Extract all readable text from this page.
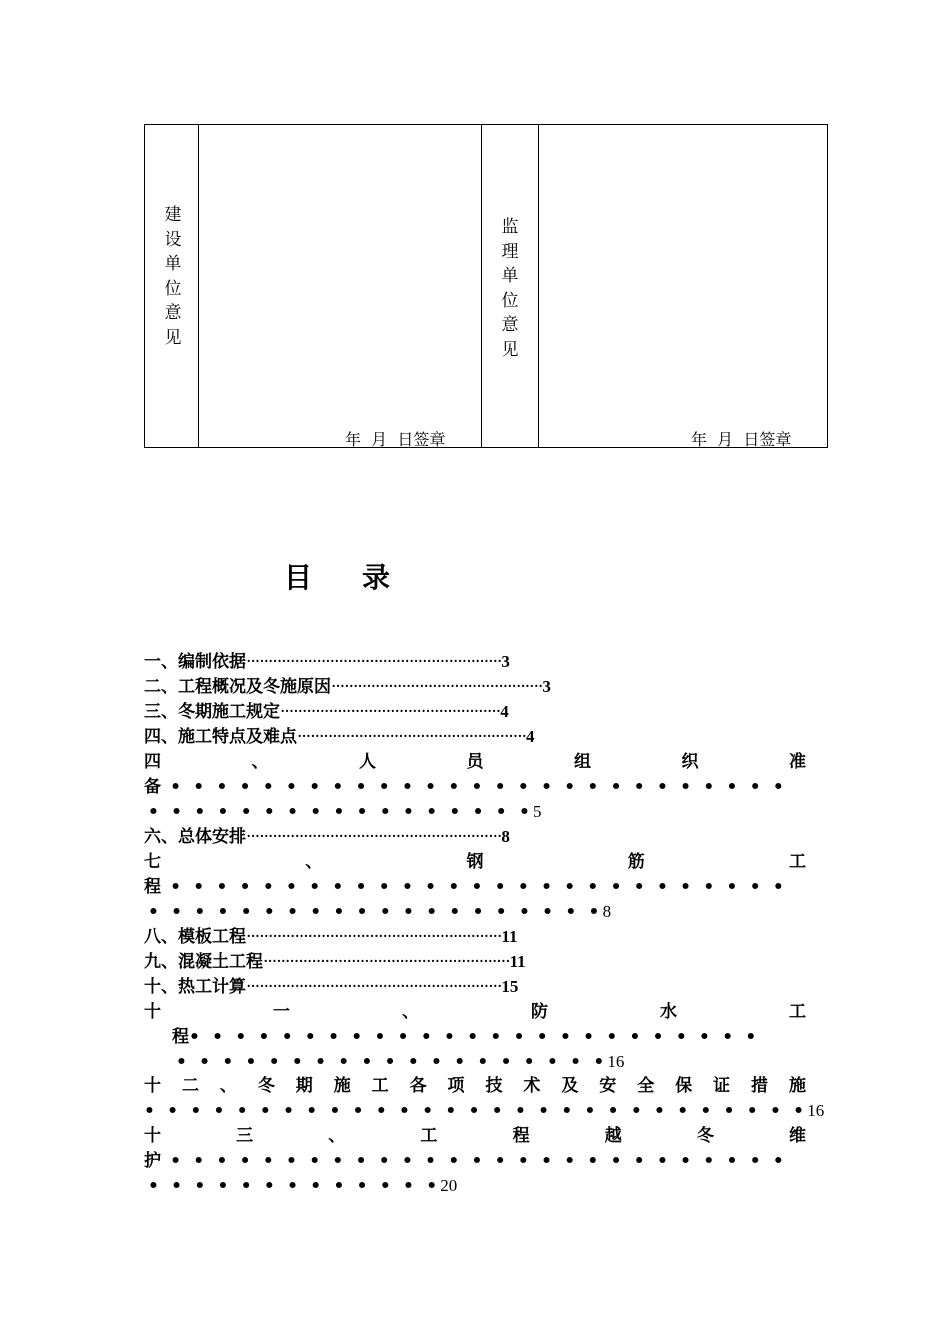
建设单位意见
年  月  日签章
监理单位意见
年  月  日签章
目 录
一、编制依据··························································3
二、工程概况及冬施原因················································3
三、冬期施工规定··················································4
四、施工特点及难点····················································4
四	、	人	员	组	织	准
备 • • • • • • • • • • • • • • • • • • • • • • • • • • •
• • • • • • • • • • • • • • • • •5
六、总体安排··························································8
七	、	钢	筋	工
程 • • • • • • • • • • • • • • • • • • • • • • • • • • •
• • • • • • • • • • • • • • • • • • • •8
八、模板工程··························································11
九、混凝土工程························································11
十、热工计算··························································15
十	一	、	防	水	工
程• • • • • • • • • • • • • • • • • • • • • • • • •
• • • • • • • • • • • • • • • • • • •16
十 二 、 冬 期 施 工 各 项 技 术 及 安 全 保 证 措 施
• • • • • • • • • • • • • • • • • • • • • • • • • • • • •16
十	三	、	工	程	越	冬	维
护 • • • • • • • • • • • • • • • • • • • • • • • • • • •
• • • • • • • • • • • • •20
